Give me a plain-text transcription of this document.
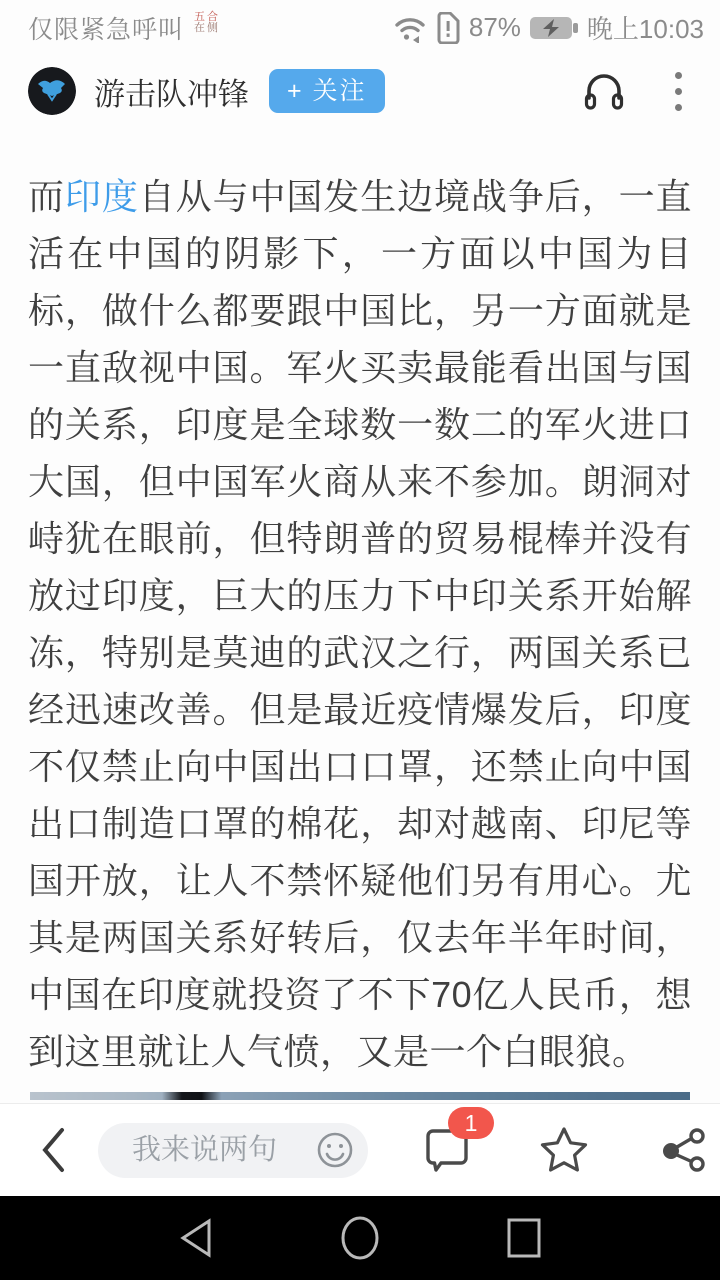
仅限紧急呼叫 五合
在侧	87%	晚上10:03
游击队冲锋	+ 关注

而印度自从与中国发生边境战争后，一直活在中国的阴影下，一方面以中国为目标，做什么都要跟中国比，另一方面就是一直敌视中国。军火买卖最能看出国与国的关系，印度是全球数一数二的军火进口大国，但中国军火商从来不参加。朗洞对峙犹在眼前，但特朗普的贸易棍棒并没有放过印度，巨大的压力下中印关系开始解冻，特别是莫迪的武汉之行，两国关系已经迅速改善。但是最近疫情爆发后，印度不仅禁止向中国出口口罩，还禁止向中国出口制造口罩的棉花，却对越南、印尼等国开放，让人不禁怀疑他们另有用心。尤其是两国关系好转后，仅去年半年时间，中国在印度就投资了不下70亿人民币，想到这里就让人气愤，又是一个白眼狼。

我来说两句
1
